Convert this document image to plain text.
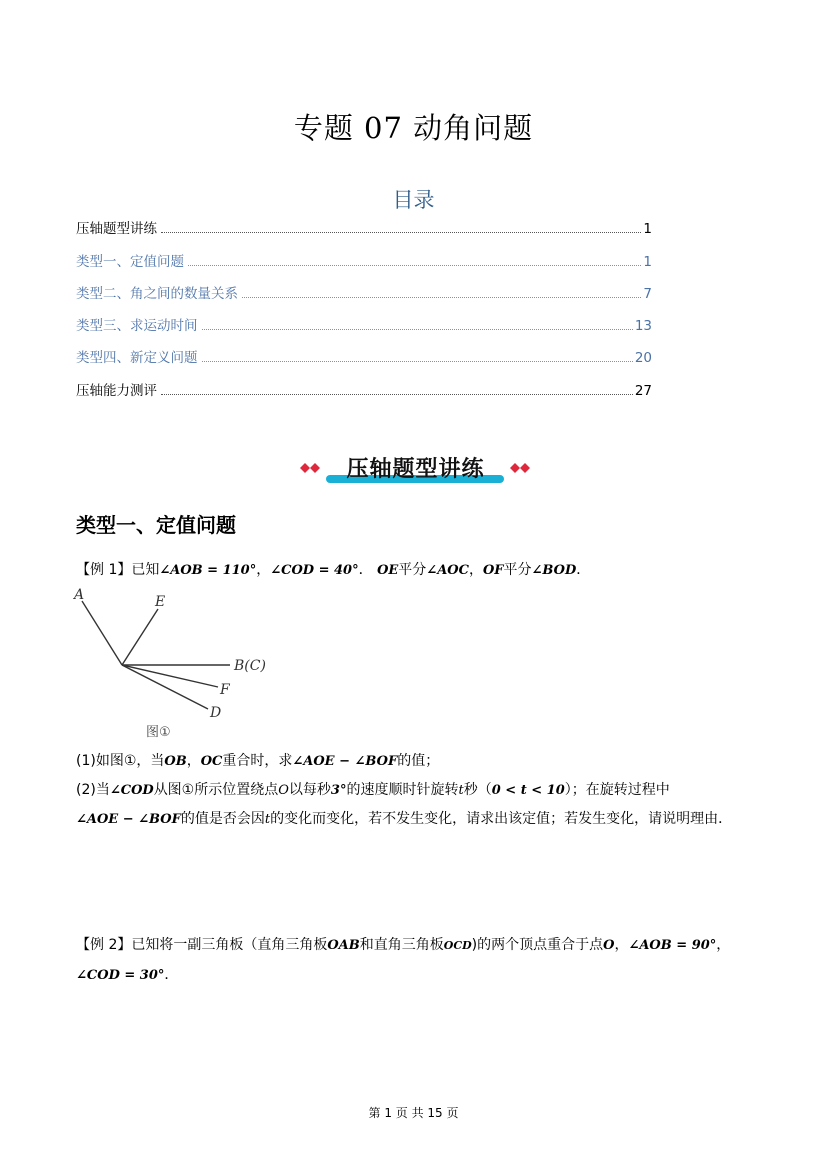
专题 07 动角问题
目录
压轴题型讲练	1
类型一、定值问题	1
类型二、角之间的数量关系	7
类型三、求运动时间	13
类型四、新定义问题	20
压轴能力测评	27
压轴题型讲练
类型一、定值问题
【例 1】已知∠AOB = 110°，∠COD = 40°． OE平分∠AOC，OF平分∠BOD．
A	E
B(C)
F
D
图①
(1)如图①，当OB，OC重合时，求∠AOE − ∠BOF的值；
(2)当∠COD从图①所示位置绕点O以每秒3°的速度顺时针旋转t秒（0 < t < 10）；在旋转过程中
∠AOE − ∠BOF的值是否会因t的变化而变化，若不发生变化，请求出该定值；若发生变化，请说明理由．
【例 2】已知将一副三角板（直角三角板OAB和直角三角板OCD)的两个顶点重合于点O，∠AOB = 90°，
∠COD = 30°．
第 1 页 共 15 页
